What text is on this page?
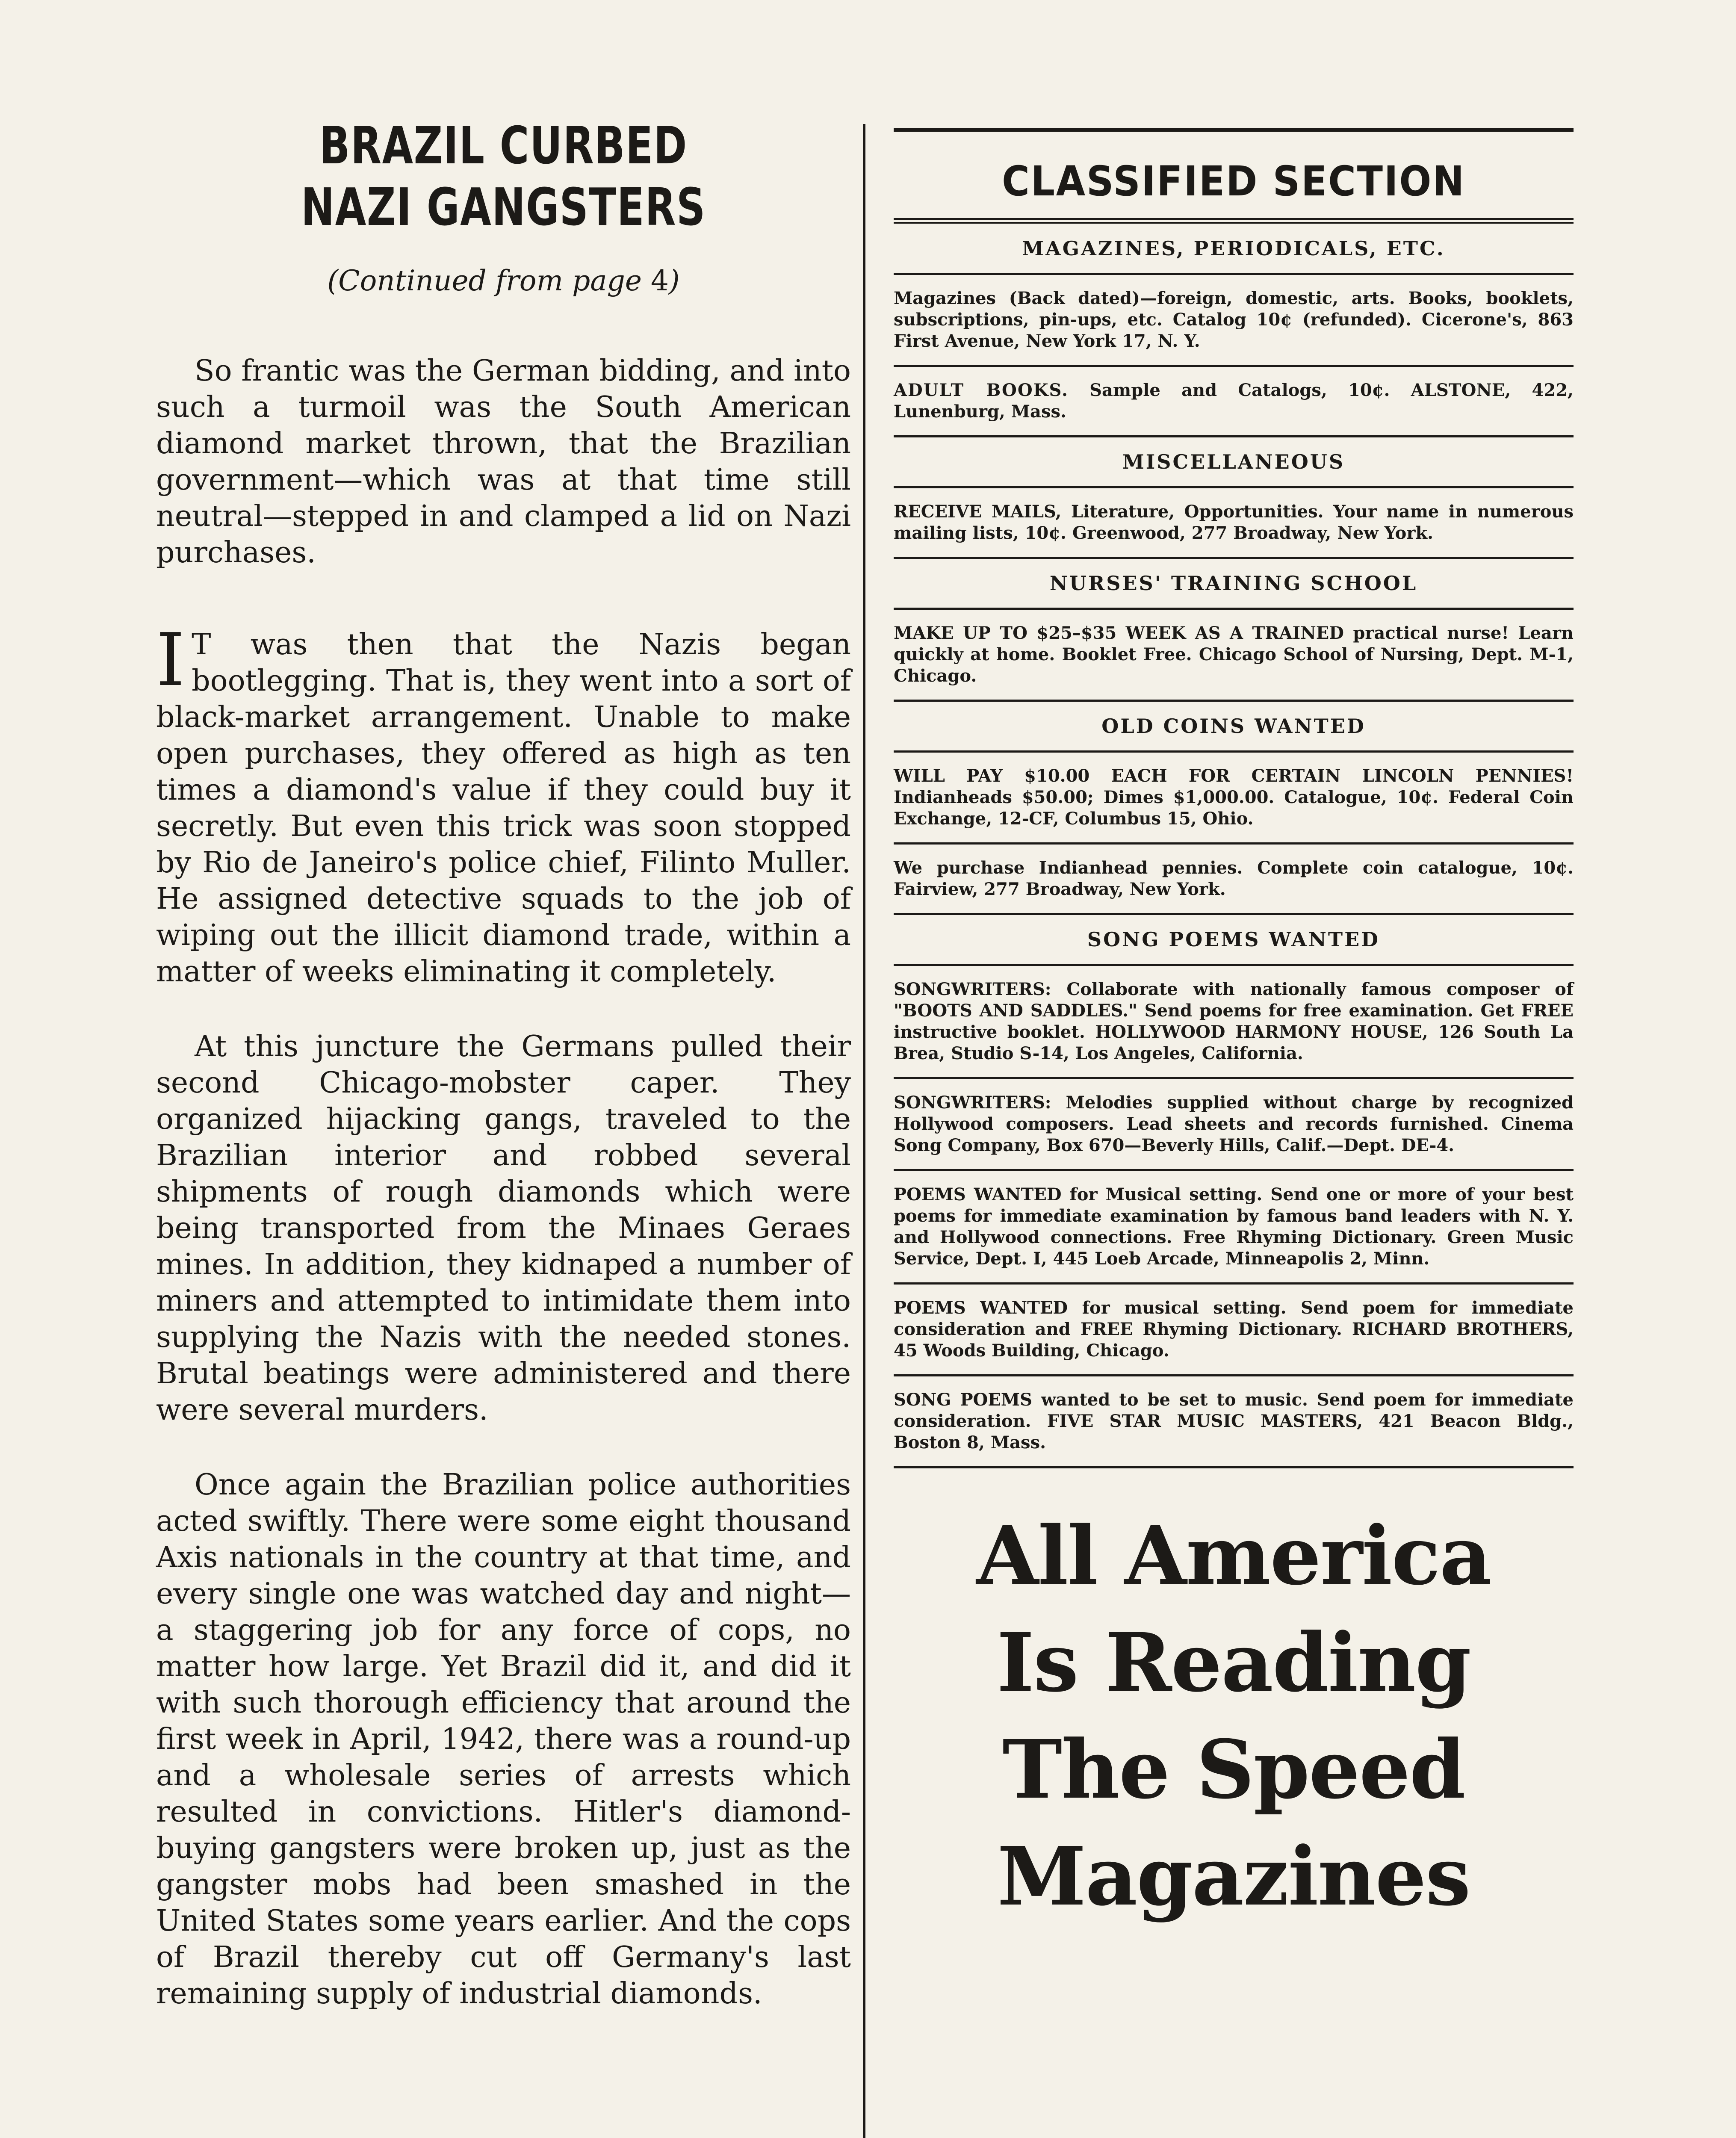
BRAZIL CURBED
NAZI GANGSTERS
(Continued from page 4)

So frantic was the German bidding, and into such a turmoil was the South American diamond market thrown, that the Brazilian government—which was at that time still neutral—stepped in and clamped a lid on Nazi purchases.

I T was then that the Nazis began bootlegging. That is, they went into a sort of black-market arrangement. Unable to make open purchases, they offered as high as ten times a diamond's value if they could buy it secretly. But even this trick was soon stopped by Rio de Janeiro's police chief, Filinto Muller. He assigned detective squads to the job of wiping out the illicit diamond trade, within a matter of weeks eliminating it completely.

At this juncture the Germans pulled their second Chicago-mobster caper. They organized hijacking gangs, traveled to the Brazilian interior and robbed several shipments of rough diamonds which were being transported from the Minaes Geraes mines. In addition, they kidnaped a number of miners and attempted to intimidate them into supplying the Nazis with the needed stones. Brutal beatings were administered and there were several murders.

Once again the Brazilian police authorities acted swiftly. There were some eight thousand Axis nationals in the country at that time, and every single one was watched day and night—a staggering job for any force of cops, no matter how large. Yet Brazil did it, and did it with such thorough efficiency that around the first week in April, 1942, there was a round-up and a wholesale series of arrests which resulted in convictions. Hitler's diamond-buying gangsters were broken up, just as the gangster mobs had been smashed in the United States some years earlier. And the cops of Brazil thereby cut off Germany's last remaining supply of industrial diamonds.

CLASSIFIED SECTION
MAGAZINES, PERIODICALS, ETC.

Magazines (Back dated)—foreign, domestic, arts. Books, booklets, subscriptions, pin-ups, etc. Catalog 10¢ (refunded). Cicerone's, 863 First Avenue, New York 17, N. Y.

ADULT BOOKS. Sample and Catalogs, 10¢. ALSTONE, 422, Lunenburg, Mass.

MISCELLANEOUS

RECEIVE MAILS, Literature, Opportunities. Your name in numerous mailing lists, 10¢. Greenwood, 277 Broadway, New York.

NURSES' TRAINING SCHOOL

MAKE UP TO $25–$35 WEEK AS A TRAINED practical nurse! Learn quickly at home. Booklet Free. Chicago School of Nursing, Dept. M-1, Chicago.

OLD COINS WANTED

WILL PAY $10.00 EACH FOR CERTAIN LINCOLN PENNIES! Indianheads $50.00; Dimes $1,000.00. Catalogue, 10¢. Federal Coin Exchange, 12-CF, Columbus 15, Ohio.

We purchase Indianhead pennies. Complete coin catalogue, 10¢. Fairview, 277 Broadway, New York.

SONG POEMS WANTED

SONGWRITERS: Collaborate with nationally famous composer of "BOOTS AND SADDLES." Send poems for free examination. Get FREE instructive booklet. HOLLYWOOD HARMONY HOUSE, 126 South La Brea, Studio S-14, Los Angeles, California.

SONGWRITERS: Melodies supplied without charge by recognized Hollywood composers. Lead sheets and records furnished. Cinema Song Company, Box 670—Beverly Hills, Calif.—Dept. DE-4.

POEMS WANTED for Musical setting. Send one or more of your best poems for immediate examination by famous band leaders with N. Y. and Hollywood connections. Free Rhyming Dictionary. Green Music Service, Dept. I, 445 Loeb Arcade, Minneapolis 2, Minn.

POEMS WANTED for musical setting. Send poem for immediate consideration and FREE Rhyming Dictionary. RICHARD BROTHERS, 45 Woods Building, Chicago.

SONG POEMS wanted to be set to music. Send poem for immediate consideration. FIVE STAR MUSIC MASTERS, 421 Beacon Bldg., Boston 8, Mass.

All America
Is Reading
The Speed
Magazines
